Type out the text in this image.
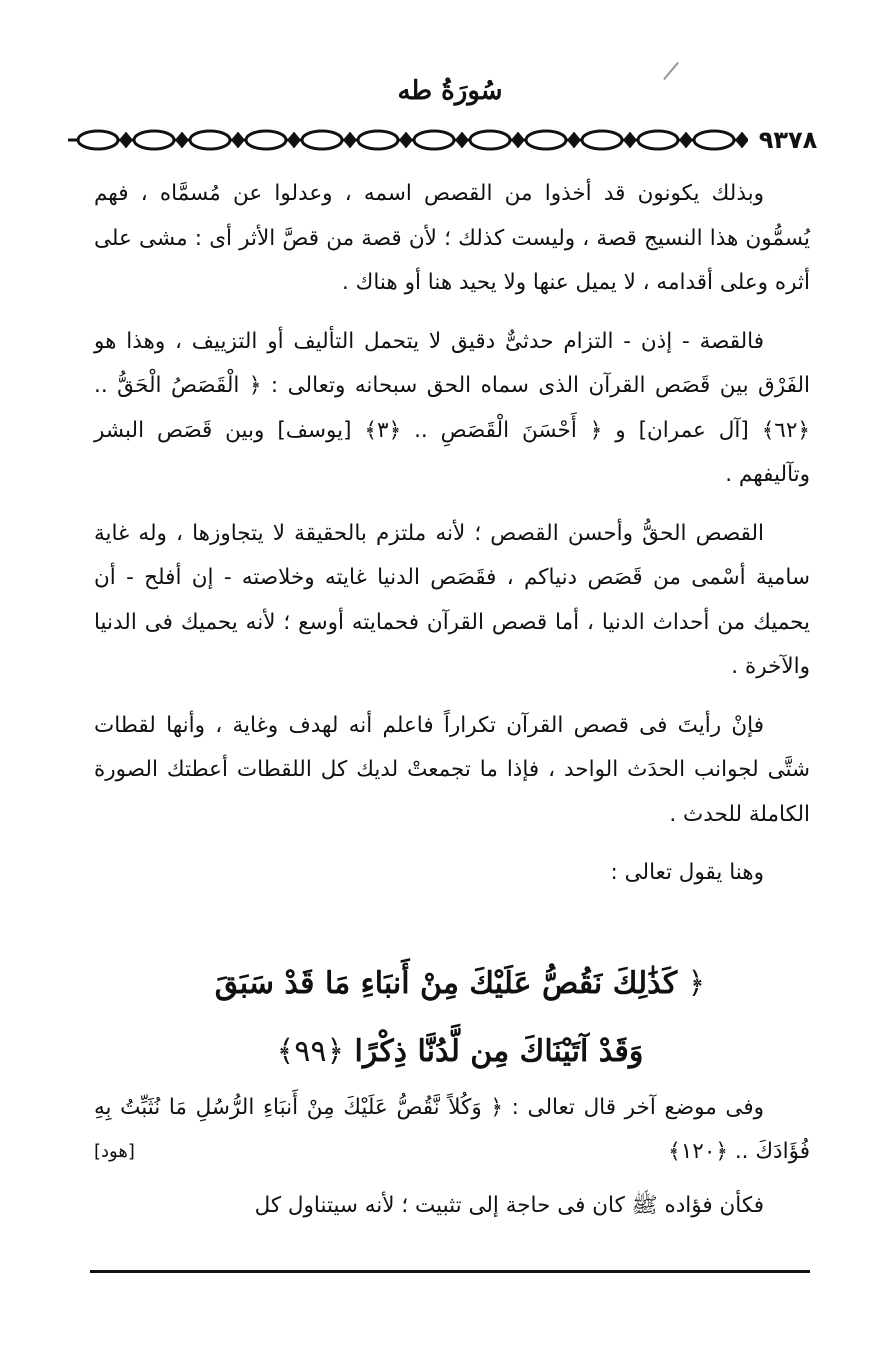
سُورَةُ طه
٩٣٧٨

وبذلك يكونون قد أخذوا من القصص اسمه ، وعدلوا عن مُسمَّاه ، فهم يُسمُّون هذا النسيج قصة ، وليست كذلك ؛ لأن قصة من قصَّ الأثر أى : مشى على أثره وعلى أقدامه ، لا يميل عنها ولا يحيد هنا أو هناك .

فالقصة - إذن - التزام حدثىٌّ دقيق لا يتحمل التأليف أو التزييف ، وهذا هو الفَرْق بين قَصَص القرآن الذى سماه الحق سبحانه وتعالى : ﴿ الْقَصَصُ الْحَقُّ .. ﴿٦٢﴾ [آل عمران] و ﴿ أَحْسَنَ الْقَصَصِ .. ﴿٣﴾ [يوسف] وبين قَصَص البشر وتآليفهم .

القصص الحقُّ وأحسن القصص ؛ لأنه ملتزم بالحقيقة لا يتجاوزها ، وله غاية سامية أسْمى من قَصَص دنياكم ، فقَصَص الدنيا غايته وخلاصته - إن أفلح - أن يحميك من أحداث الدنيا ، أما قصص القرآن فحمايته أوسع ؛ لأنه يحميك فى الدنيا والآخرة .

فإنْ رأيتَ فى قصص القرآن تكراراً فاعلم أنه لهدف وغاية ، وأنها لقطات شتَّى لجوانب الحدَث الواحد ، فإذا ما تجمعتْ لديك كل اللقطات أعطتك الصورة الكاملة للحدث .

وهنا يقول تعالى :

﴿ كَذَٰلِكَ نَقُصُّ عَلَيْكَ مِنْ أَنبَاءِ مَا قَدْ سَبَقَ
وَقَدْ آتَيْنَاكَ مِن لَّدُنَّا ذِكْرًا ﴿٩٩﴾

وفى موضع آخر قال تعالى : ﴿ وَكُلاً نَّقُصُّ عَلَيْكَ مِنْ أَنبَاءِ الرُّسُلِ مَا نُثَبِّتُ بِهِ فُؤَادَكَ .. ﴿١٢٠﴾
[هود]

فكأن فؤاده ﷺ كان فى حاجة إلى تثبيت ؛ لأنه سيتناول كل
